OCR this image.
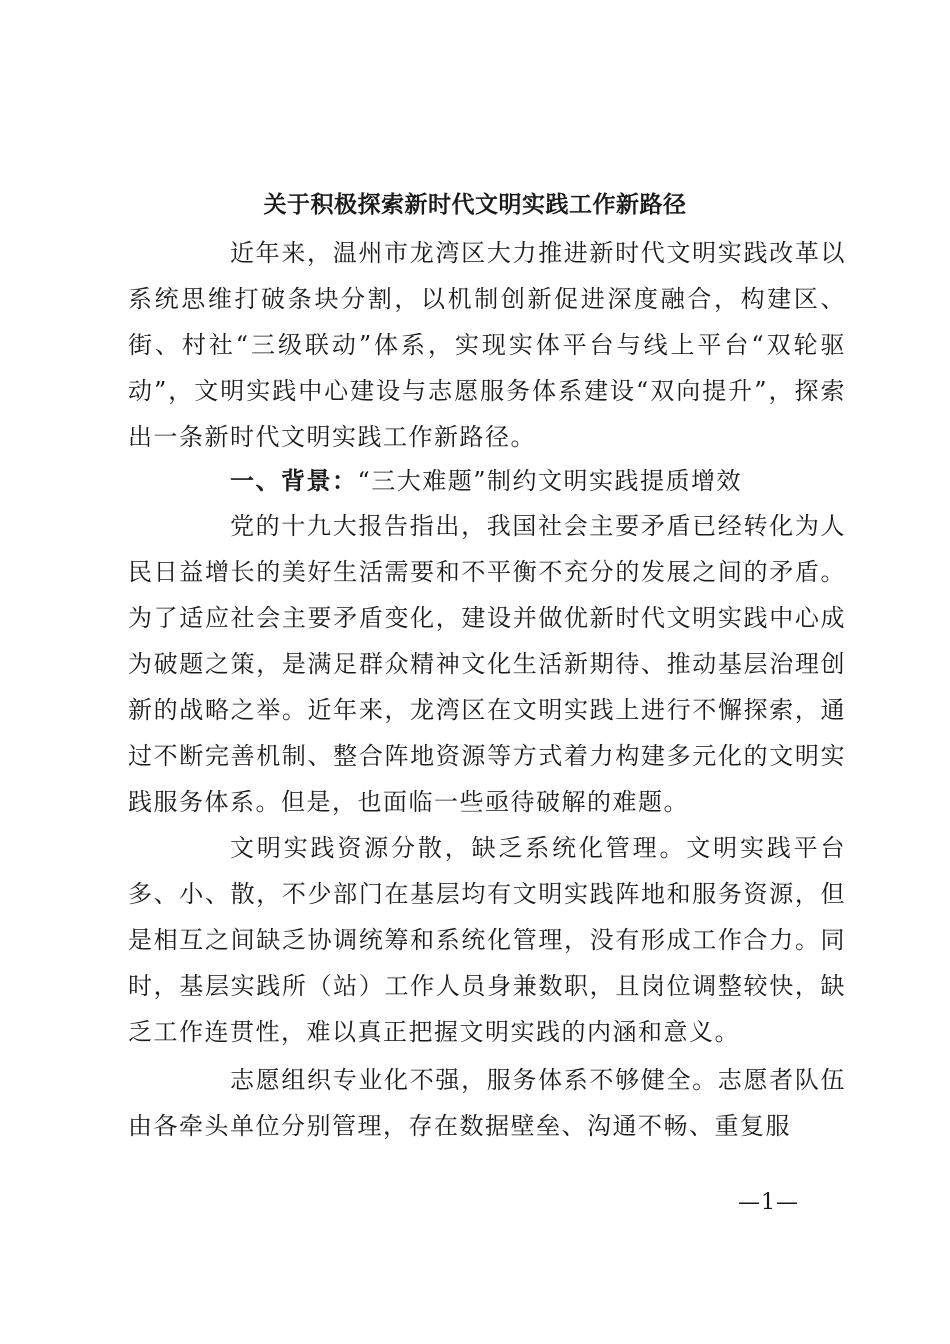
关于积极探索新时代文明实践工作新路径

近年来，温州市龙湾区大力推进新时代文明实践改革以系统思维打破条块分割，以机制创新促进深度融合，构建区、街、村社“三级联动”体系，实现实体平台与线上平台“双轮驱动”，文明实践中心建设与志愿服务体系建设“双向提升”，探索出一条新时代文明实践工作新路径。

一、背景：“三大难题”制约文明实践提质增效

党的十九大报告指出，我国社会主要矛盾已经转化为人民日益增长的美好生活需要和不平衡不充分的发展之间的矛盾。为了适应社会主要矛盾变化，建设并做优新时代文明实践中心成为破题之策，是满足群众精神文化生活新期待、推动基层治理创新的战略之举。近年来，龙湾区在文明实践上进行不懈探索，通过不断完善机制、整合阵地资源等方式着力构建多元化的文明实践服务体系。但是，也面临一些亟待破解的难题。

文明实践资源分散，缺乏系统化管理。文明实践平台多、小、散，不少部门在基层均有文明实践阵地和服务资源，但是相互之间缺乏协调统筹和系统化管理，没有形成工作合力。同时，基层实践所（站）工作人员身兼数职，且岗位调整较快，缺乏工作连贯性，难以真正把握文明实践的内涵和意义。

志愿组织专业化不强，服务体系不够健全。志愿者队伍由各牵头单位分别管理，存在数据壁垒、沟通不畅、重复服

—1—
